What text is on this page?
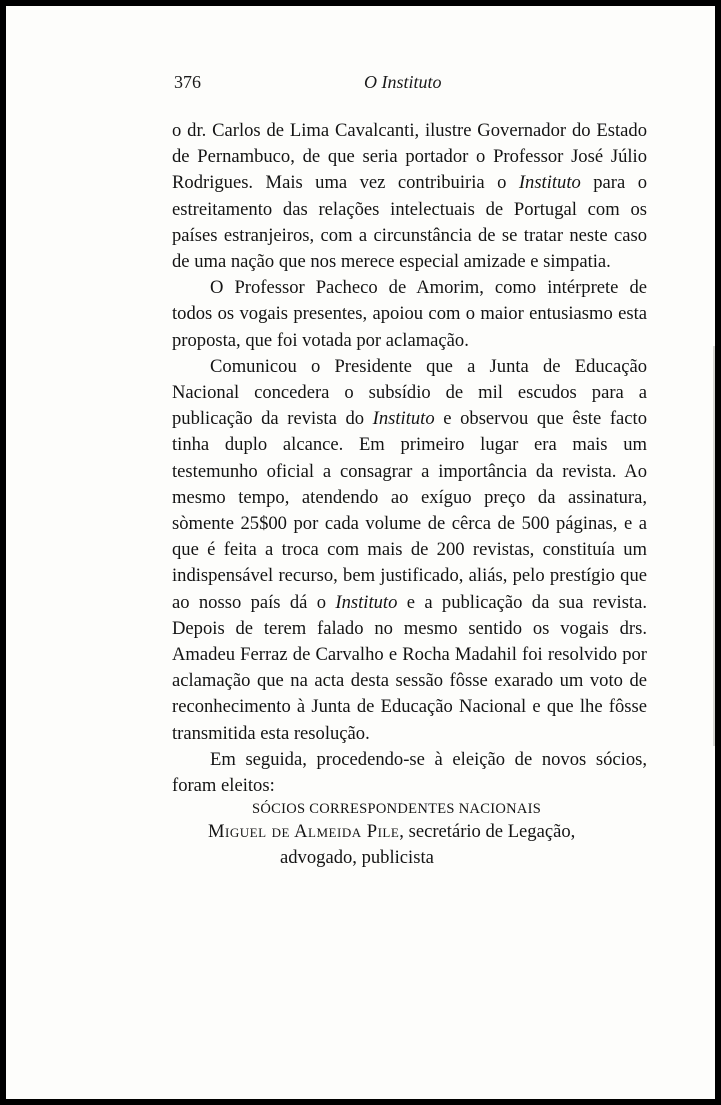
376	O Instituto

o dr. Carlos de Lima Cavalcanti, ilustre Governador do Estado de Pernambuco, de que seria portador o Professor José Júlio Rodrigues. Mais uma vez contribuiria o Instituto para o estreitamento das relações intelectuais de Portugal com os países estranjeiros, com a circunstância de se tratar neste caso de uma nação que nos merece especial amizade e simpatia.

O Professor Pacheco de Amorim, como intérprete de todos os vogais presentes, apoiou com o maior entusiasmo esta proposta, que foi votada por aclamação.

Comunicou o Presidente que a Junta de Educação Nacional concedera o subsídio de mil escudos para a publicação da revista do Instituto e observou que êste facto tinha duplo alcance. Em primeiro lugar era mais um testemunho oficial a consagrar a importância da revista. Ao mesmo tempo, atendendo ao exíguo preço da assinatura, sòmente 25$00 por cada volume de cêrca de 500 páginas, e a que é feita a troca com mais de 200 revistas, constituía um indispensável recurso, bem justificado, aliás, pelo prestígio que ao nosso país dá o Instituto e a publicação da sua revista. Depois de terem falado no mesmo sentido os vogais drs. Amadeu Ferraz de Carvalho e Rocha Madahil foi resolvido por aclamação que na acta desta sessão fôsse exarado um voto de reconhecimento à Junta de Educação Nacional e que lhe fôsse transmitida esta resolução.

Em seguida, procedendo-se à eleição de novos sócios, foram eleitos:

SÓCIOS CORRESPONDENTES NACIONAIS

Miguel de Almeida Pile, secretário de Legação, advogado, publicista
